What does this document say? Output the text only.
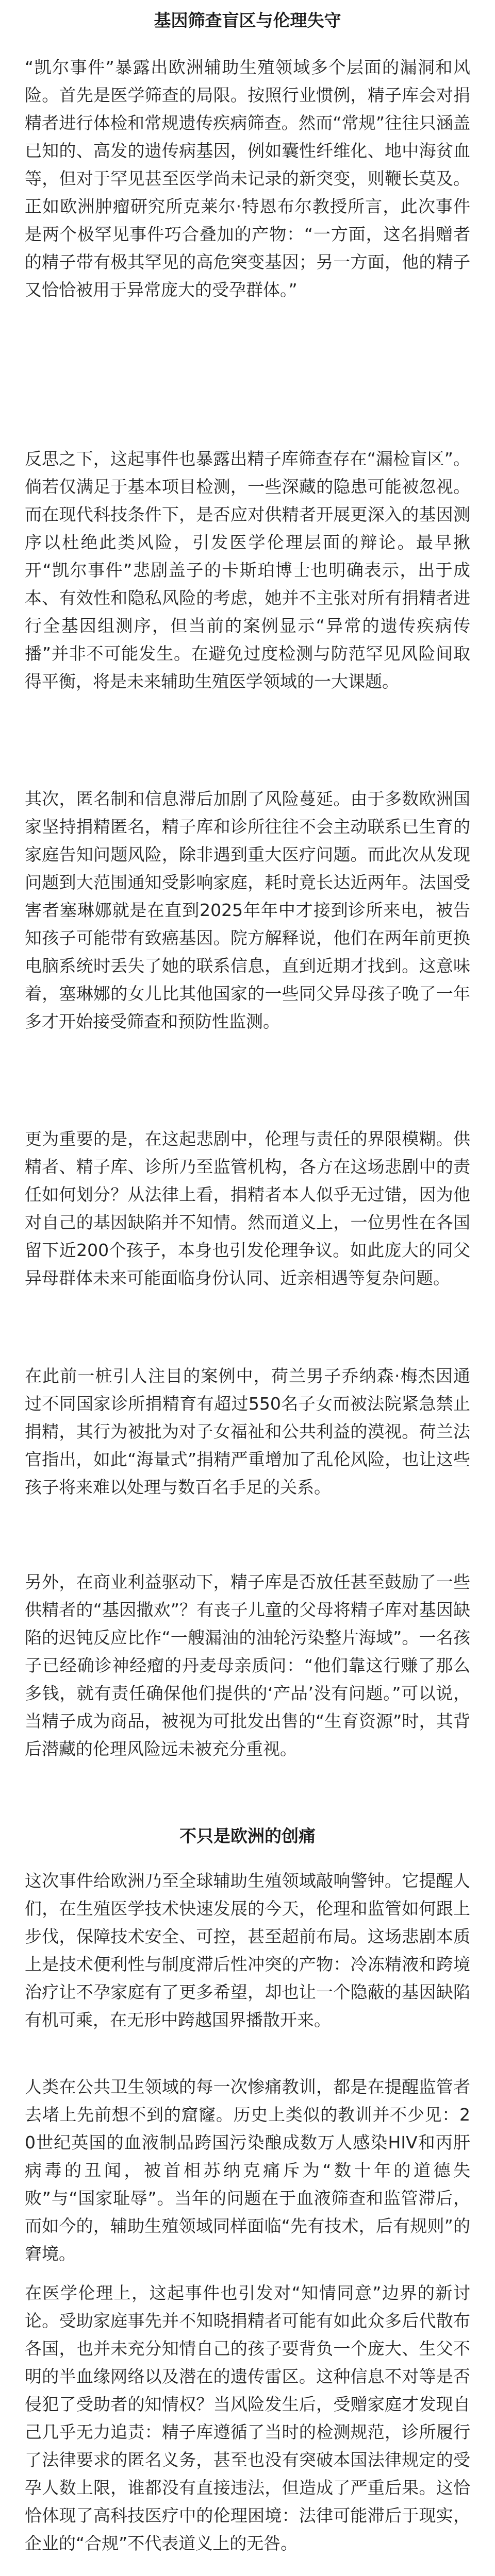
基因筛查盲区与伦理失守

“凯尔事件”暴露出欧洲辅助生殖领域多个层面的漏洞和风险。首先是医学筛查的局限。按照行业惯例，精子库会对捐精者进行体检和常规遗传疾病筛查。然而“常规”往往只涵盖已知的、高发的遗传病基因，例如囊性纤维化、地中海贫血等，但对于罕见甚至医学尚未记录的新突变，则鞭长莫及。正如欧洲肿瘤研究所克莱尔·特恩布尔教授所言，此次事件是两个极罕见事件巧合叠加的产物：“一方面，这名捐赠者的精子带有极其罕见的高危突变基因；另一方面，他的精子又恰恰被用于异常庞大的受孕群体。”

反思之下，这起事件也暴露出精子库筛查存在“漏检盲区”。倘若仅满足于基本项目检测，一些深藏的隐患可能被忽视。而在现代科技条件下，是否应对供精者开展更深入的基因测序以杜绝此类风险，引发医学伦理层面的辩论。最早揪开“凯尔事件”悲剧盖子的卡斯珀博士也明确表示，出于成本、有效性和隐私风险的考虑，她并不主张对所有捐精者进行全基因组测序，但当前的案例显示“异常的遗传疾病传播”并非不可能发生。在避免过度检测与防范罕见风险间取得平衡，将是未来辅助生殖医学领域的一大课题。

其次，匿名制和信息滞后加剧了风险蔓延。由于多数欧洲国家坚持捐精匿名，精子库和诊所往往不会主动联系已生育的家庭告知问题风险，除非遇到重大医疗问题。而此次从发现问题到大范围通知受影响家庭，耗时竟长达近两年。法国受害者塞琳娜就是在直到2025年年中才接到诊所来电，被告知孩子可能带有致癌基因。院方解释说，他们在两年前更换电脑系统时丢失了她的联系信息，直到近期才找到。这意味着，塞琳娜的女儿比其他国家的一些同父异母孩子晚了一年多才开始接受筛查和预防性监测。

更为重要的是，在这起悲剧中，伦理与责任的界限模糊。供精者、精子库、诊所乃至监管机构，各方在这场悲剧中的责任如何划分？从法律上看，捐精者本人似乎无过错，因为他对自己的基因缺陷并不知情。然而道义上，一位男性在各国留下近200个孩子，本身也引发伦理争议。如此庞大的同父异母群体未来可能面临身份认同、近亲相遇等复杂问题。

在此前一桩引人注目的案例中，荷兰男子乔纳森·梅杰因通过不同国家诊所捐精育有超过550名子女而被法院紧急禁止捐精，其行为被批为对子女福祉和公共利益的漠视。荷兰法官指出，如此“海量式”捐精严重增加了乱伦风险，也让这些孩子将来难以处理与数百名手足的关系。

另外，在商业利益驱动下，精子库是否放任甚至鼓励了一些供精者的“基因撒欢”？有丧子儿童的父母将精子库对基因缺陷的迟钝反应比作“一艘漏油的油轮污染整片海域”。一名孩子已经确诊神经瘤的丹麦母亲质问：“他们靠这行赚了那么多钱，就有责任确保他们提供的‘产品’没有问题。”可以说，当精子成为商品，被视为可批发出售的“生育资源”时，其背后潜藏的伦理风险远未被充分重视。

不只是欧洲的创痛

这次事件给欧洲乃至全球辅助生殖领域敲响警钟。它提醒人们，在生殖医学技术快速发展的今天，伦理和监管如何跟上步伐，保障技术安全、可控，甚至超前布局。这场悲剧本质上是技术便利性与制度滞后性冲突的产物：冷冻精液和跨境治疗让不孕家庭有了更多希望，却也让一个隐蔽的基因缺陷有机可乘，在无形中跨越国界播散开来。

人类在公共卫生领域的每一次惨痛教训，都是在提醒监管者去堵上先前想不到的窟窿。历史上类似的教训并不少见：20世纪英国的血液制品跨国污染酿成数万人感染HIV和丙肝病毒的丑闻，被首相苏纳克痛斥为“数十年的道德失败”与“国家耻辱”。当年的问题在于血液筛查和监管滞后，而如今的，辅助生殖领域同样面临“先有技术，后有规则”的窘境。

在医学伦理上，这起事件也引发对“知情同意”边界的新讨论。受助家庭事先并不知晓捐精者可能有如此众多后代散布各国，也并未充分知情自己的孩子要背负一个庞大、生父不明的半血缘网络以及潜在的遗传雷区。这种信息不对等是否侵犯了受助者的知情权？当风险发生后，受赠家庭才发现自己几乎无力追责：精子库遵循了当时的检测规范，诊所履行了法律要求的匿名义务，甚至也没有突破本国法律规定的受孕人数上限，谁都没有直接违法，但造成了严重后果。这恰恰体现了高科技医疗中的伦理困境：法律可能滞后于现实，企业的“合规”不代表道义上的无咎。
